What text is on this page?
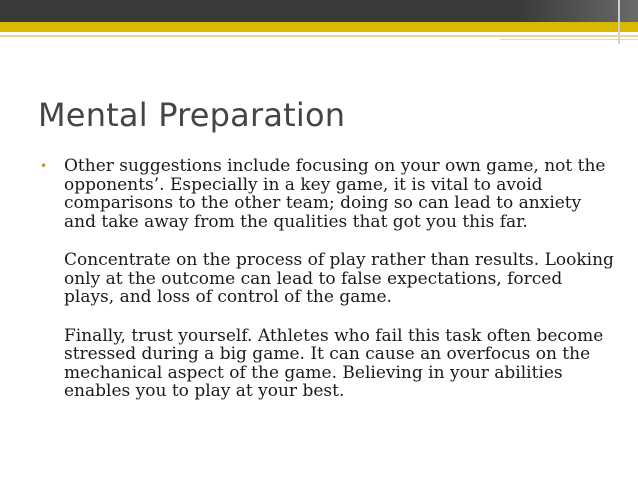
Mental Preparation
• Other suggestions include focusing on your own game, not the opponents’. Especially in a key game, it is vital to avoid comparisons to the other team; doing so can lead to anxiety and take away from the qualities that got you this far.

Concentrate on the process of play rather than results. Looking only at the outcome can lead to false expectations, forced plays, and loss of control of the game.

Finally, trust yourself. Athletes who fail this task often become stressed during a big game. It can cause an overfocus on the mechanical aspect of the game. Believing in your abilities enables you to play at your best.
